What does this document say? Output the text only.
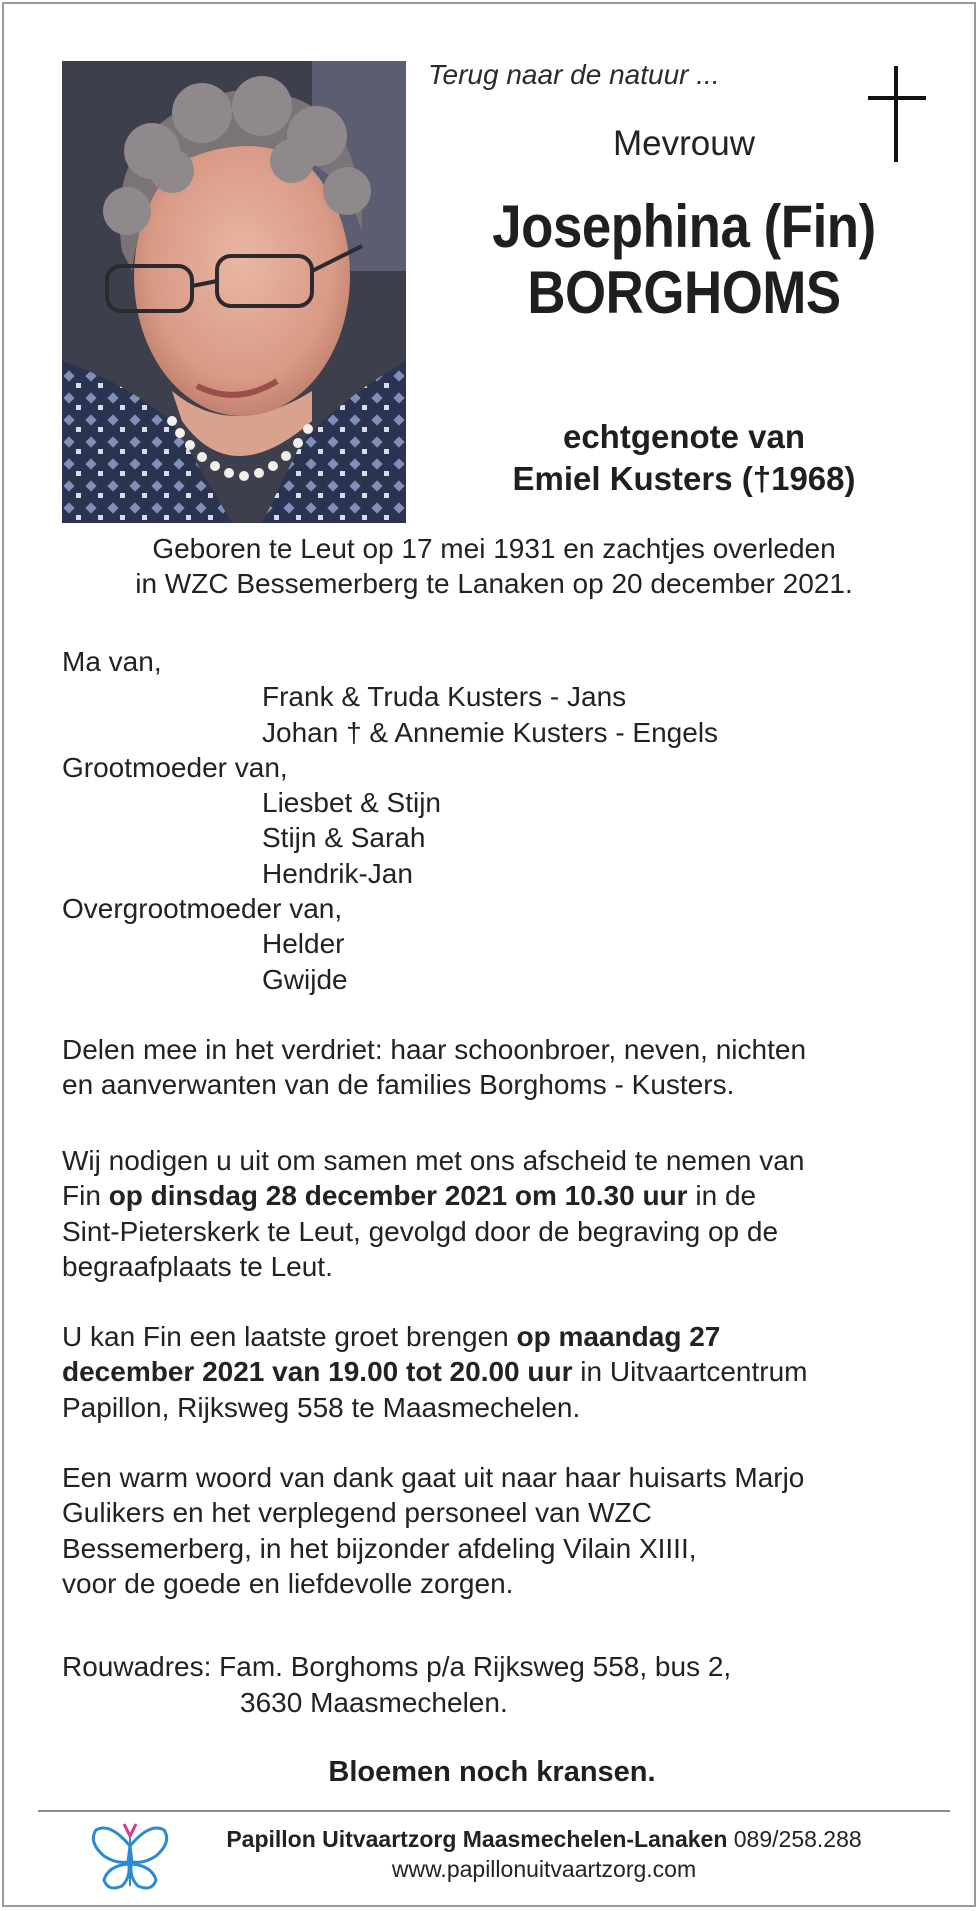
Terug naar de natuur ...
Mevrouw
Josephina (Fin)
BORGHOMS
echtgenote van
Emiel Kusters (†1968)
Geboren te Leut op 17 mei 1931 en zachtjes overleden
in WZC Bessemerberg te Lanaken op 20 december 2021.
Ma van,
Frank & Truda Kusters - Jans
Johan † & Annemie Kusters - Engels
Grootmoeder van,
Liesbet & Stijn
Stijn & Sarah
Hendrik-Jan
Overgrootmoeder van,
Helder
Gwijde
Delen mee in het verdriet: haar schoonbroer, neven, nichten
en aanverwanten van de families Borghoms - Kusters.
Wij nodigen u uit om samen met ons afscheid te nemen van
Fin op dinsdag 28 december 2021 om 10.30 uur in de
Sint-Pieterskerk te Leut, gevolgd door de begraving op de
begraafplaats te Leut.
U kan Fin een laatste groet brengen op maandag 27
december 2021 van 19.00 tot 20.00 uur in Uitvaartcentrum
Papillon, Rijksweg 558 te Maasmechelen.
Een warm woord van dank gaat uit naar haar huisarts Marjo
Gulikers en het verplegend personeel van WZC
Bessemerberg, in het bijzonder afdeling Vilain XIIII,
voor de goede en liefdevolle zorgen.
Rouwadres: Fam. Borghoms p/a Rijksweg 558, bus 2,
3630 Maasmechelen.
Bloemen noch kransen.
Papillon Uitvaartzorg Maasmechelen-Lanaken 089/258.288
www.papillonuitvaartzorg.com
